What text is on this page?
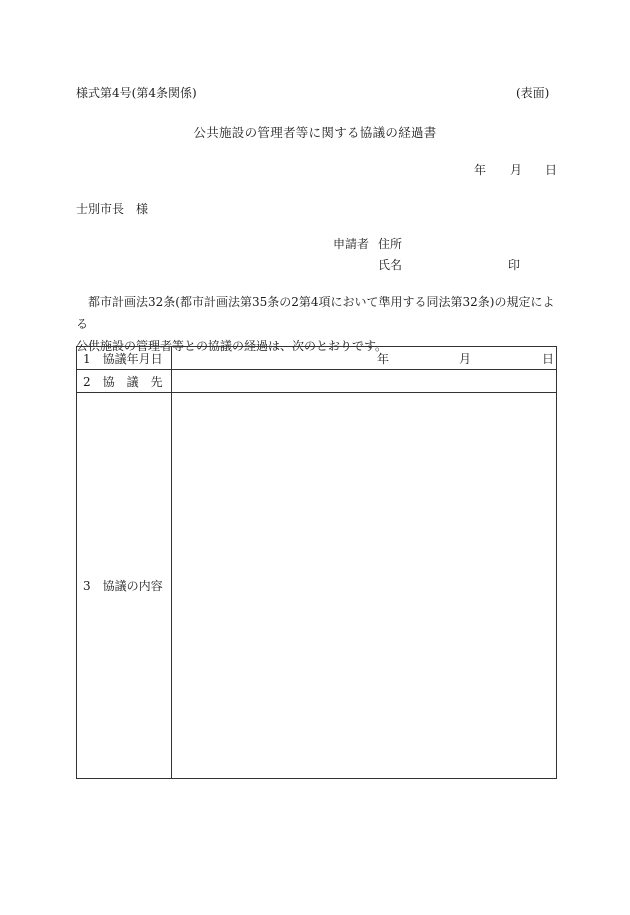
様式第4号(第4条関係)	(表面)
公共施設の管理者等に関する協議の経過書
年 月 日
士別市長　様
申請者 住所
氏名	印

都市計画法32条(都市計画法第35条の2第4項において準用する同法第32条)の規定による

公供施設の管理者等との協議の経過は、次のとおりです。

1　協議年月日	年 月 日

2　協　議　先	
3　協議の内容	
